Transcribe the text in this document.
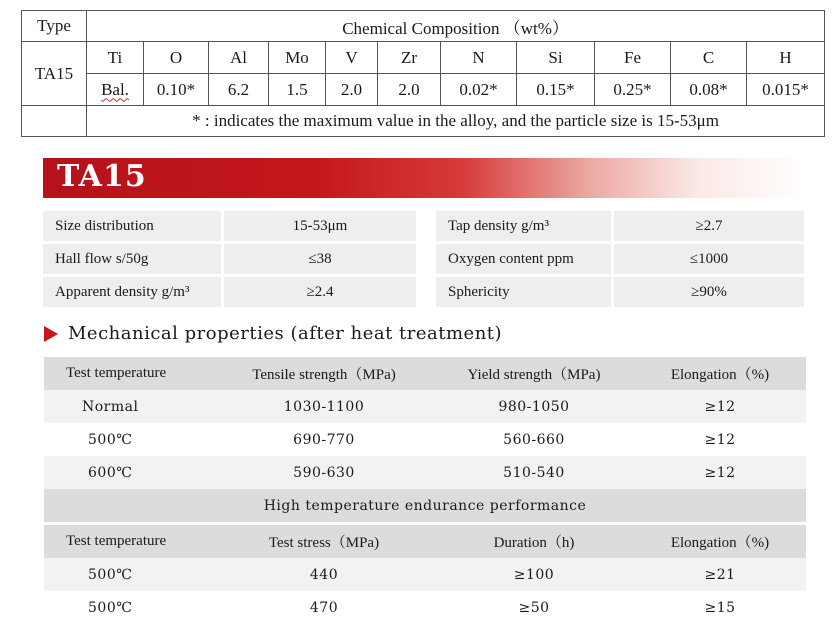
Type	Chemical Composition （wt%）										
TA15	Ti	O	Al	Mo	V	Zr	N	Si	Fe	C	H
	Bal.	0.10*	6.2	1.5	2.0	2.0	0.02*	0.15*	0.25*	0.08*	0.015*
	* : indicates the maximum value in the alloy, and the particle size is 15-53μm										
TA15
Size distribution	15-53μm		Tap density g/m³	≥2.7
Hall flow s/50g	≤38		Oxygen content ppm	≤1000
Apparent density g/m³	≥2.4		Sphericity	≥90%
Mechanical properties (after heat treatment)
Test temperature	Tensile strength（MPa)	Yield strength（MPa)	Elongation（%)
Normal	1030-1100	980-1050	≥12
500℃	690-770	560-660	≥12
600℃	590-630	510-540	≥12
High temperature endurance performance
Test temperature	Test stress（MPa)	Duration（h)	Elongation（%)
500℃	440	≥100	≥21
500℃	470	≥50	≥15
